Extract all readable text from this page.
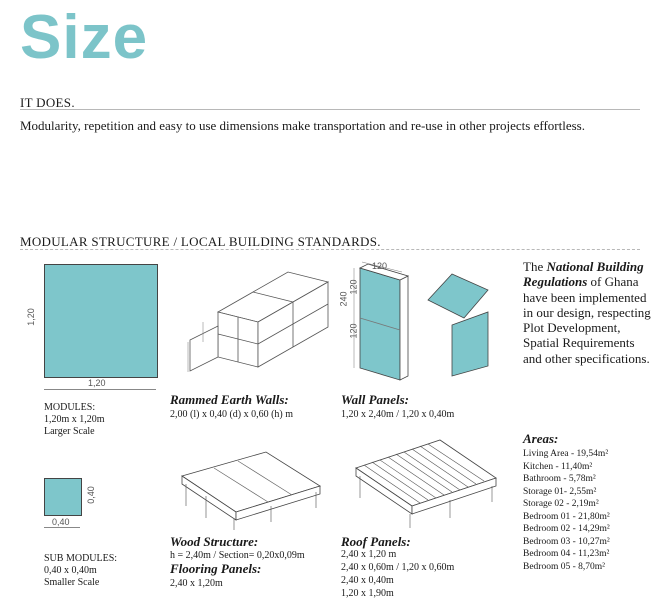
Size
IT DOES.
Modularity, repetition and easy to use dimensions make transportation and re-use in other projects effortless.
MODULAR STRUCTURE / LOCAL BUILDING STANDARDS.
1,20
1,20
MODULES:
1,20m x 1,20m
Larger Scale
0,40
0,40
SUB MODULES:
0,40 x 0,40m
Smaller Scale
Rammed Earth Walls:
2,00 (l) x 0,40 (d) x 0,60 (h) m
120
240
120
120
Wall Panels:
1,20 x 2,40m / 1,20 x 0,40m
Wood Structure:
h = 2,40m / Section= 0,20x0,09m
Flooring Panels:
2,40 x 1,20m
Roof Panels:
2,40 x 1,20 m
2,40 x 0,60m / 1,20 x 0,60m
2,40 x 0,40m
1,20 x 1,90m
The National Building Regulations of Ghana have been implemented in our design, respecting Plot Development, Spatial Requirements and other specifications.
Areas:
Living Area - 19,54m²
Kitchen - 11,40m²
Bathroom - 5,78m²
Storage 01- 2,55m²
Storage 02 - 2,19m²
Bedroom 01 - 21,80m²
Bedroom 02 - 14,29m²
Bedroom 03 - 10,27m²
Bedroom 04 - 11,23m²
Bedroom 05 - 8,70m²
